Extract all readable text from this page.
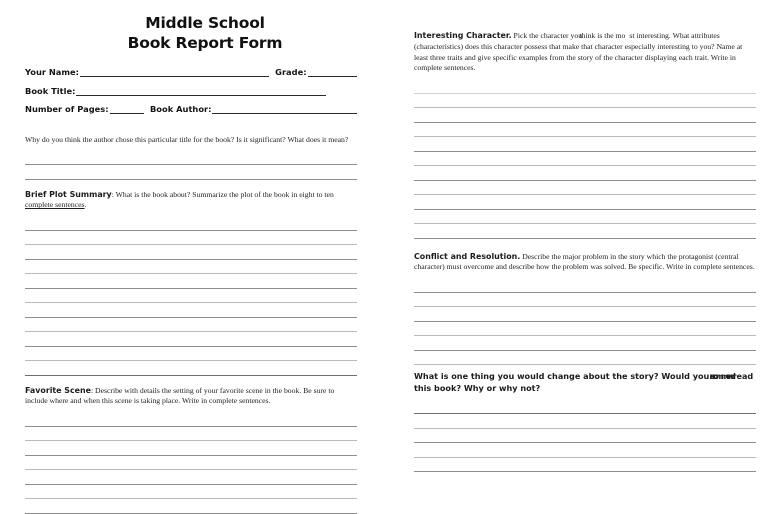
Middle School
Book Report Form
Your Name:	Grade:
Book Title:
Number of Pages:	Book Author:

Why do you think the author chose this particular title for the book? Is it significant? What does it mean?

Brief Plot Summary: What is the book about? Summarize the plot of the book in eight to ten complete sentences.

Favorite Scene: Describe with details the setting of your favorite scene in the book. Be sure to include where and when this scene is taking place. Write in complete sentences.

Interesting Character. Pick the character youthink is the mo st interesting. What attributes (characteristics) does this character possess that make that character especially interesting to you? Name at least three traits and give specific examples from the story of the character displaying each trait. Write in complete sentences.

Conflict and Resolution. Describe the major problem in the story which the protagonist (central character) must overcome and describe how the problem was solved. Be specific. Write in complete sentences.

What is one thing you would change about the story? Would yourecommendread this book? Why or why not?
